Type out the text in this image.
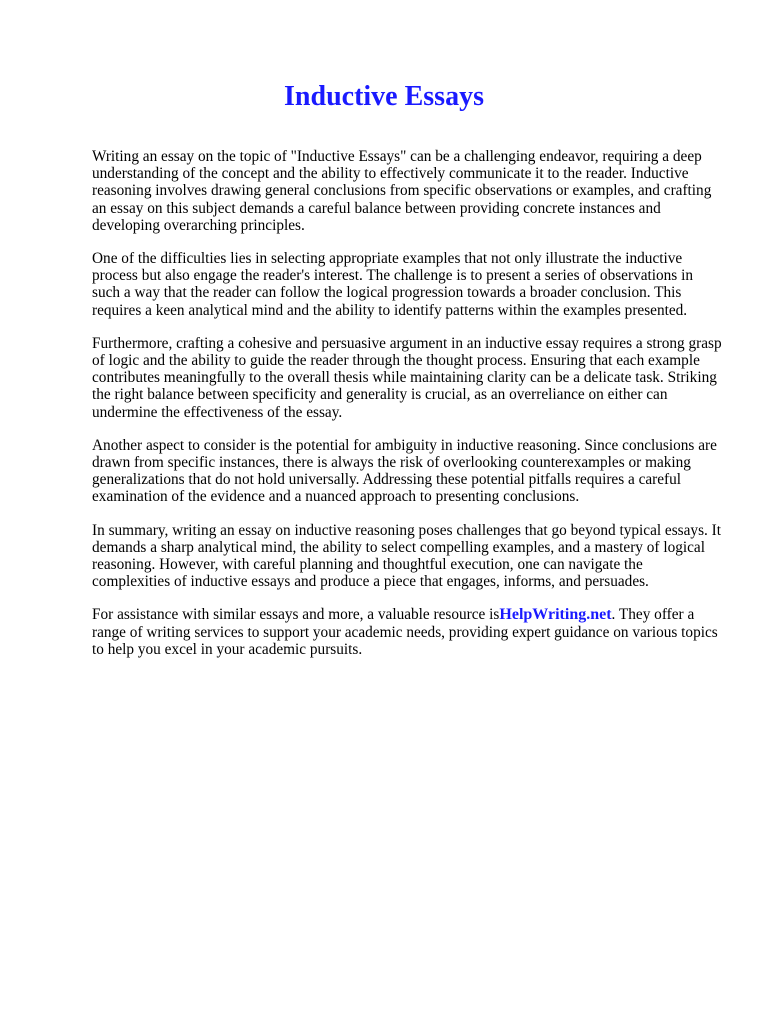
Inductive Essays

Writing an essay on the topic of "Inductive Essays" can be a challenging endeavor, requiring a deep understanding of the concept and the ability to effectively communicate it to the reader. Inductive reasoning involves drawing general conclusions from specific observations or examples, and crafting an essay on this subject demands a careful balance between providing concrete instances and developing overarching principles.

One of the difficulties lies in selecting appropriate examples that not only illustrate the inductive process but also engage the reader's interest. The challenge is to present a series of observations in such a way that the reader can follow the logical progression towards a broader conclusion. This requires a keen analytical mind and the ability to identify patterns within the examples presented.

Furthermore, crafting a cohesive and persuasive argument in an inductive essay requires a strong grasp of logic and the ability to guide the reader through the thought process. Ensuring that each example contributes meaningfully to the overall thesis while maintaining clarity can be a delicate task. Striking the right balance between specificity and generality is crucial, as an overreliance on either can undermine the effectiveness of the essay.

Another aspect to consider is the potential for ambiguity in inductive reasoning. Since conclusions are drawn from specific instances, there is always the risk of overlooking counterexamples or making generalizations that do not hold universally. Addressing these potential pitfalls requires a careful examination of the evidence and a nuanced approach to presenting conclusions.

In summary, writing an essay on inductive reasoning poses challenges that go beyond typical essays. It demands a sharp analytical mind, the ability to select compelling examples, and a mastery of logical reasoning. However, with careful planning and thoughtful execution, one can navigate the complexities of inductive essays and produce a piece that engages, informs, and persuades.

For assistance with similar essays and more, a valuable resource isHelpWriting.net. They offer a range of writing services to support your academic needs, providing expert guidance on various topics to help you excel in your academic pursuits.
